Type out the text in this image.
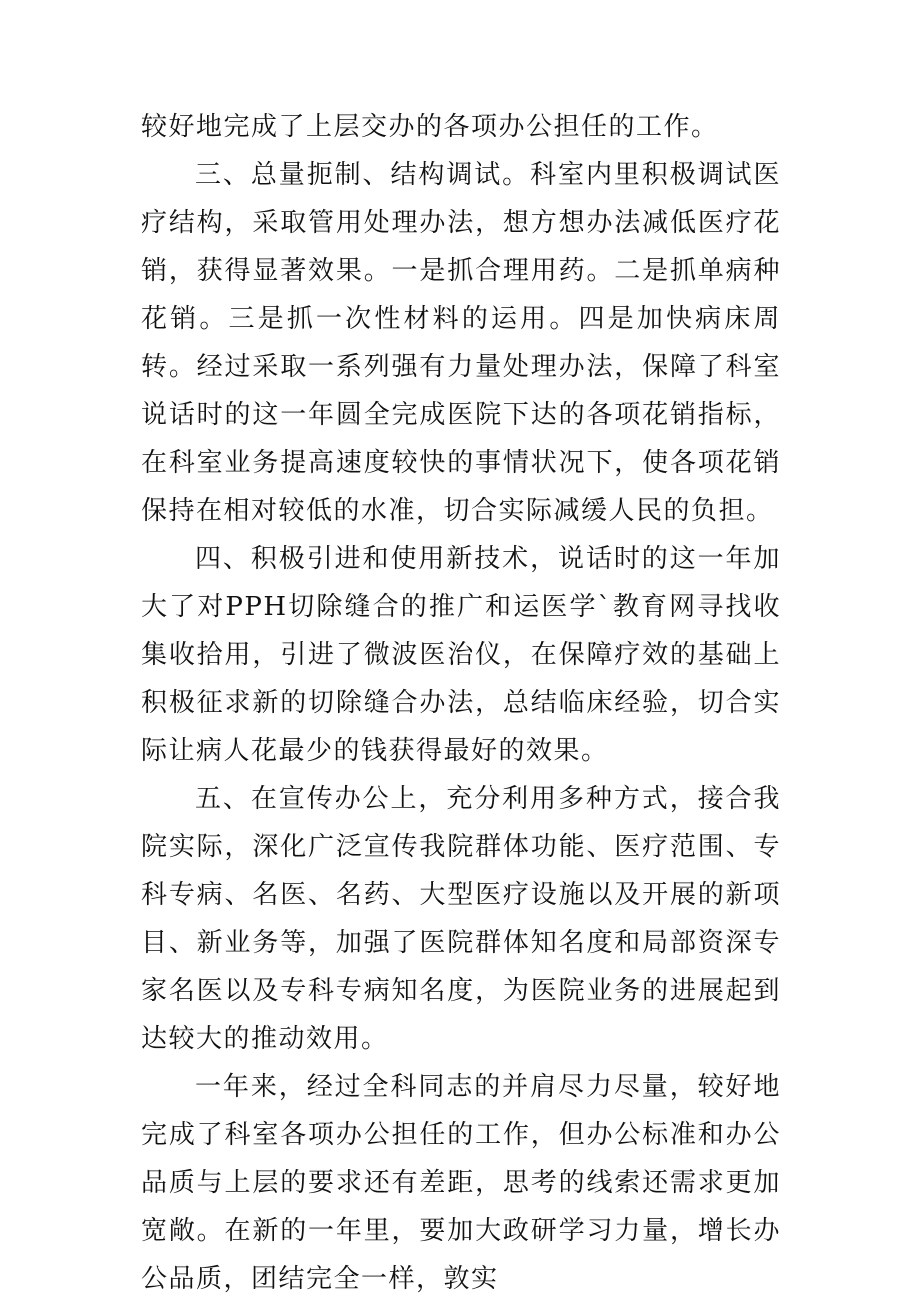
较好地完成了上层交办的各项办公担任的工作。

三、总量扼制、结构调试。科室内里积极调试医疗结构，采取管用处理办法，想方想办法减低医疗花销，获得显著效果。一是抓合理用药。二是抓单病种花销。三是抓一次性材料的运用。四是加快病床周转。经过采取一系列强有力量处理办法，保障了科室说话时的这一年圆全完成医院下达的各项花销指标，在科室业务提高速度较快的事情状况下，使各项花销保持在相对较低的水准，切合实际减缓人民的负担。

四、积极引进和使用新技术，说话时的这一年加大了对PPH切除缝合的推广和运医学`教育网寻找收集收拾用，引进了微波医治仪，在保障疗效的基础上积极征求新的切除缝合办法，总结临床经验，切合实际让病人花最少的钱获得最好的效果。

五、在宣传办公上，充分利用多种方式，接合我院实际，深化广泛宣传我院群体功能、医疗范围、专科专病、名医、名药、大型医疗设施以及开展的新项目、新业务等，加强了医院群体知名度和局部资深专家名医以及专科专病知名度，为医院业务的进展起到达较大的推动效用。

一年来，经过全科同志的并肩尽力尽量，较好地完成了科室各项办公担任的工作，但办公标准和办公品质与上层的要求还有差距，思考的线索还需求更加宽敞。在新的一年里，要加大政研学习力量，增长办公品质，团结完全一样，敦实
